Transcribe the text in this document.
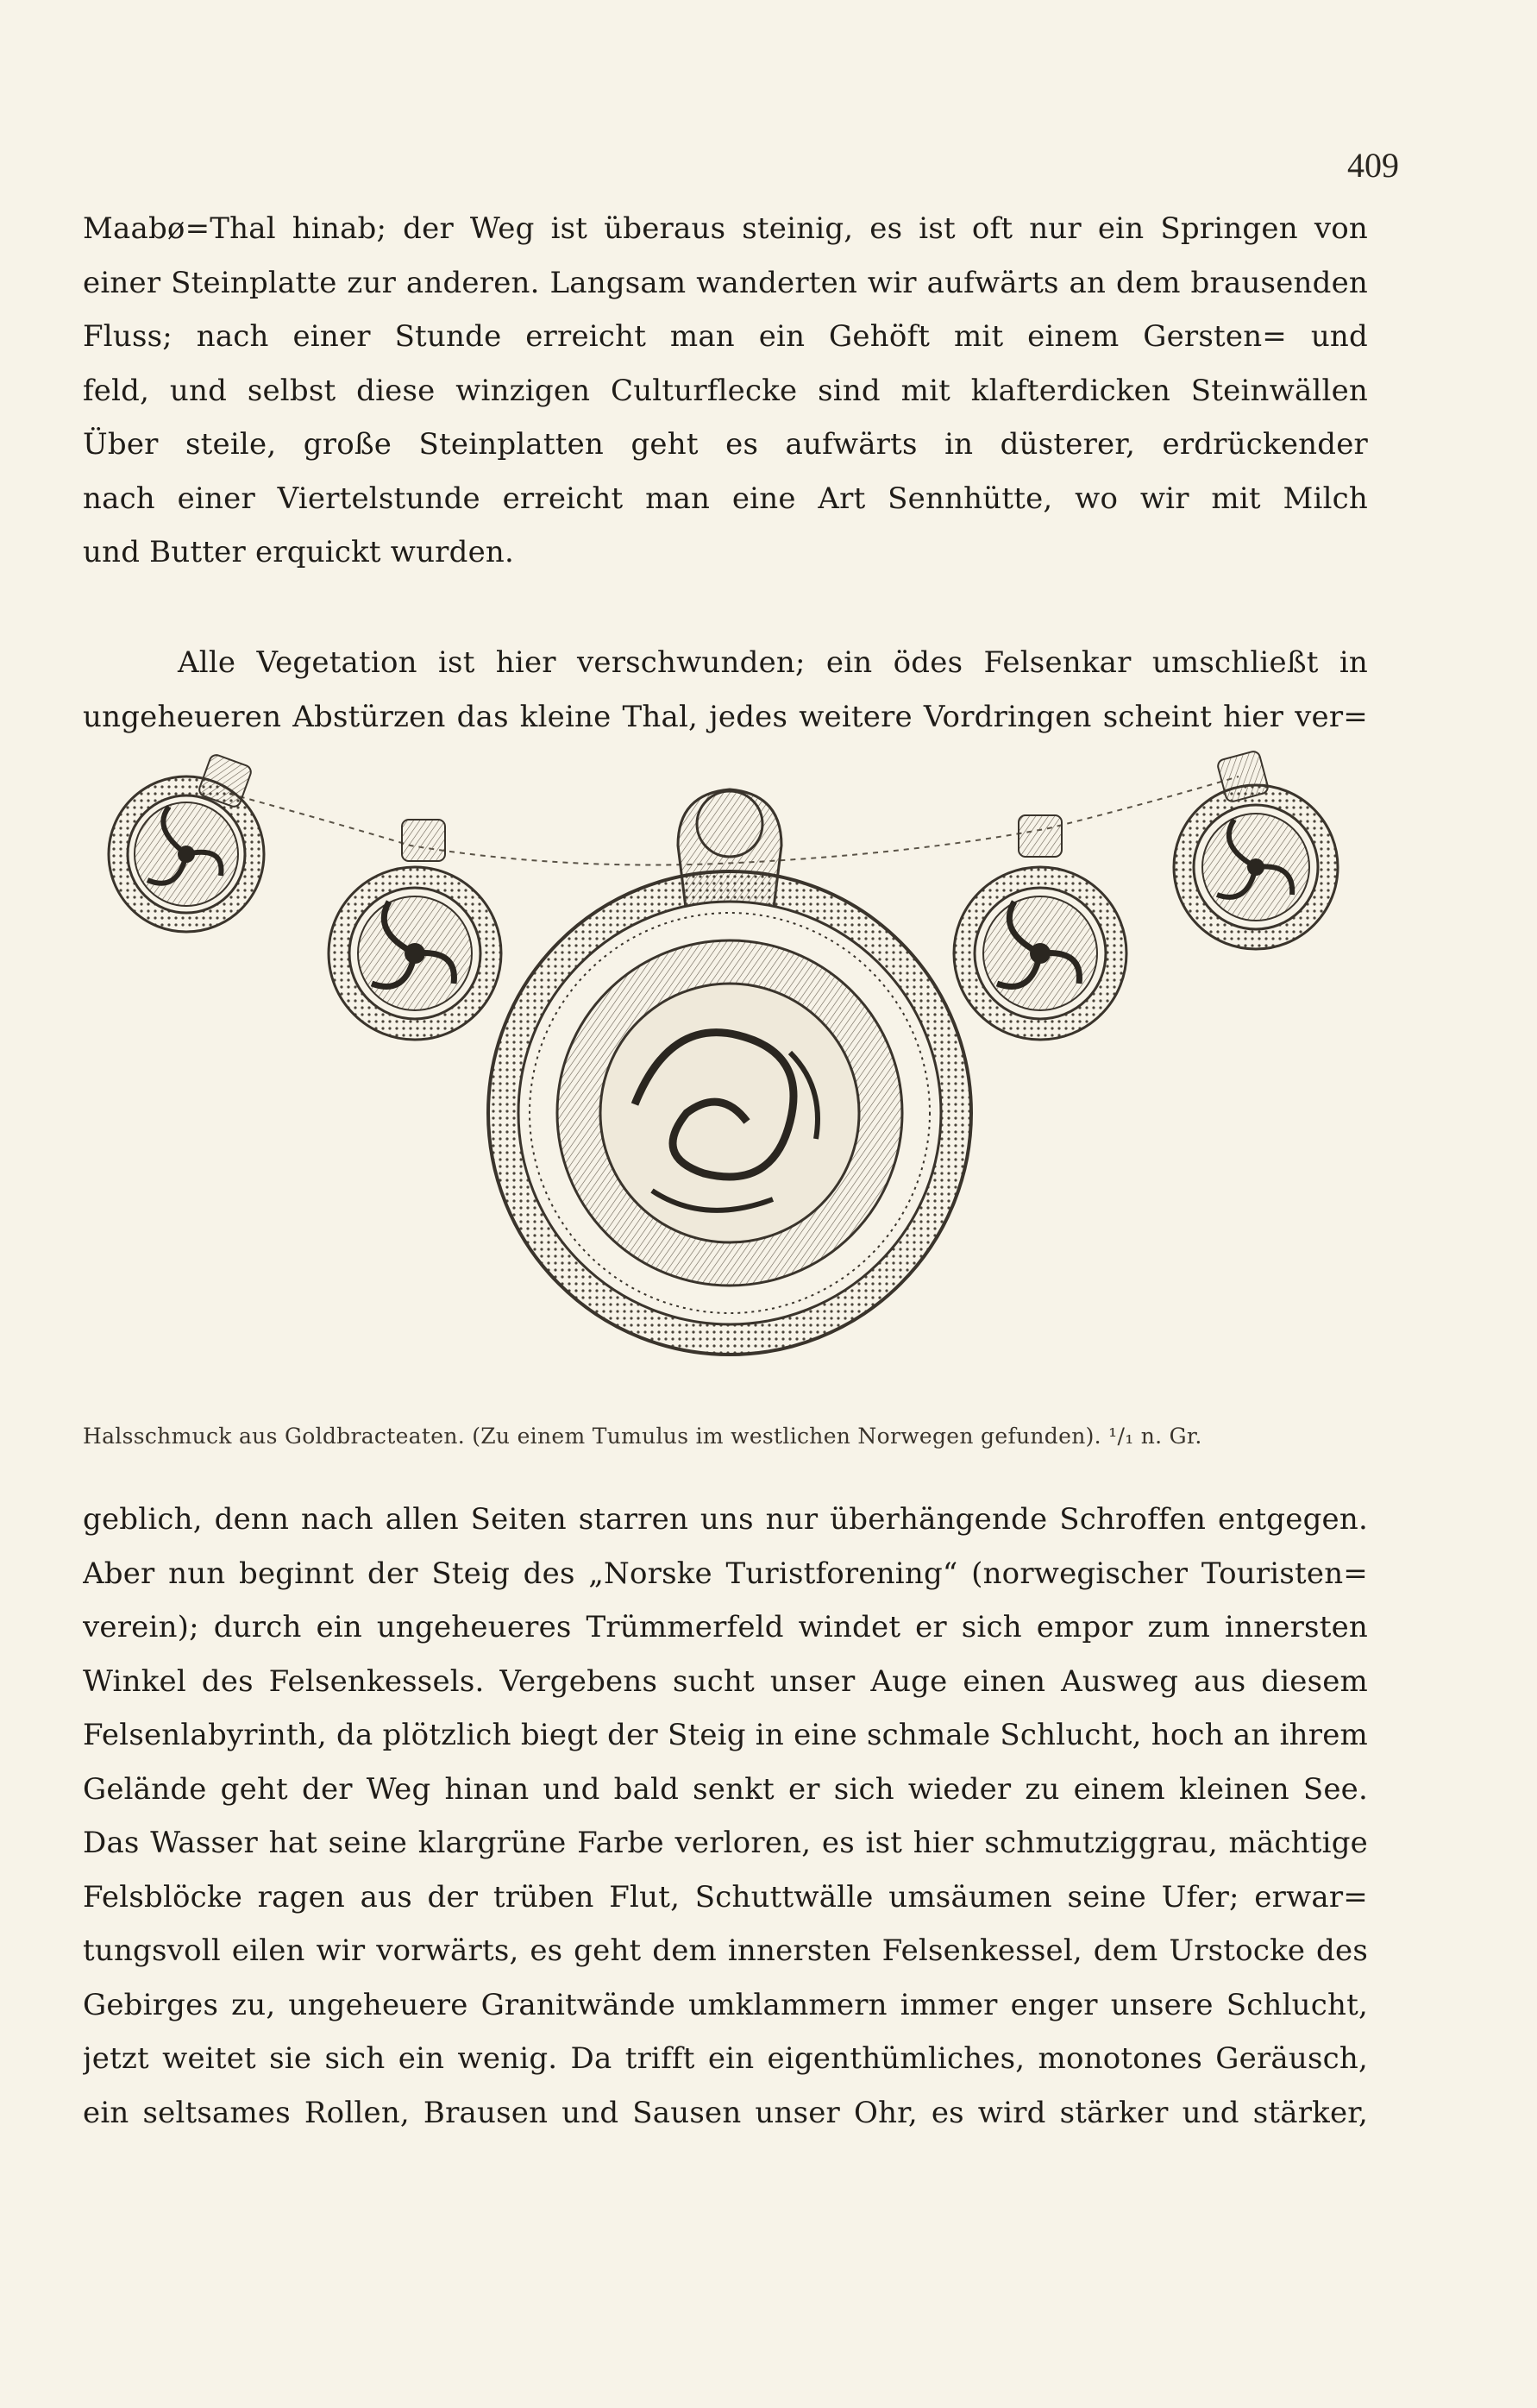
409
Maabø=Thal hinab; der Weg ist überaus steinig, es ist oft nur ein Springen von
einer Steinplatte zur anderen. Langsam wanderten wir aufwärts an dem brausenden
Fluss; nach einer Stunde erreicht man ein Gehöft mit einem Gersten= und
feld, und selbst diese winzigen Culturflecke sind mit klafterdicken Steinwällen
Über steile, große Steinplatten geht es aufwärts in düsterer, erdrückender
nach einer Viertelstunde erreicht man eine Art Sennhütte, wo wir mit Milch
und Butter erquickt wurden.
Alle Vegetation ist hier verschwunden; ein ödes Felsenkar umschließt in
ungeheueren Abstürzen das kleine Thal, jedes weitere Vordringen scheint hier ver=
Halsschmuck aus Goldbracteaten. (Zu einem Tumulus im westlichen Norwegen gefunden). ¹/₁ n. Gr.
geblich, denn nach allen Seiten starren uns nur überhängende Schroffen entgegen.
Aber nun beginnt der Steig des „Norske Turistforening“ (norwegischer Touristen=
verein); durch ein ungeheueres Trümmerfeld windet er sich empor zum innersten
Winkel des Felsenkessels. Vergebens sucht unser Auge einen Ausweg aus diesem
Felsenlabyrinth, da plötzlich biegt der Steig in eine schmale Schlucht, hoch an ihrem
Gelände geht der Weg hinan und bald senkt er sich wieder zu einem kleinen See.
Das Wasser hat seine klargrüne Farbe verloren, es ist hier schmutziggrau, mächtige
Felsblöcke ragen aus der trüben Flut, Schuttwälle umsäumen seine Ufer; erwar=
tungsvoll eilen wir vorwärts, es geht dem innersten Felsenkessel, dem Urstocke des
Gebirges zu, ungeheuere Granitwände umklammern immer enger unsere Schlucht,
jetzt weitet sie sich ein wenig. Da trifft ein eigenthümliches, monotones Geräusch,
ein seltsames Rollen, Brausen und Sausen unser Ohr, es wird stärker und stärker,
